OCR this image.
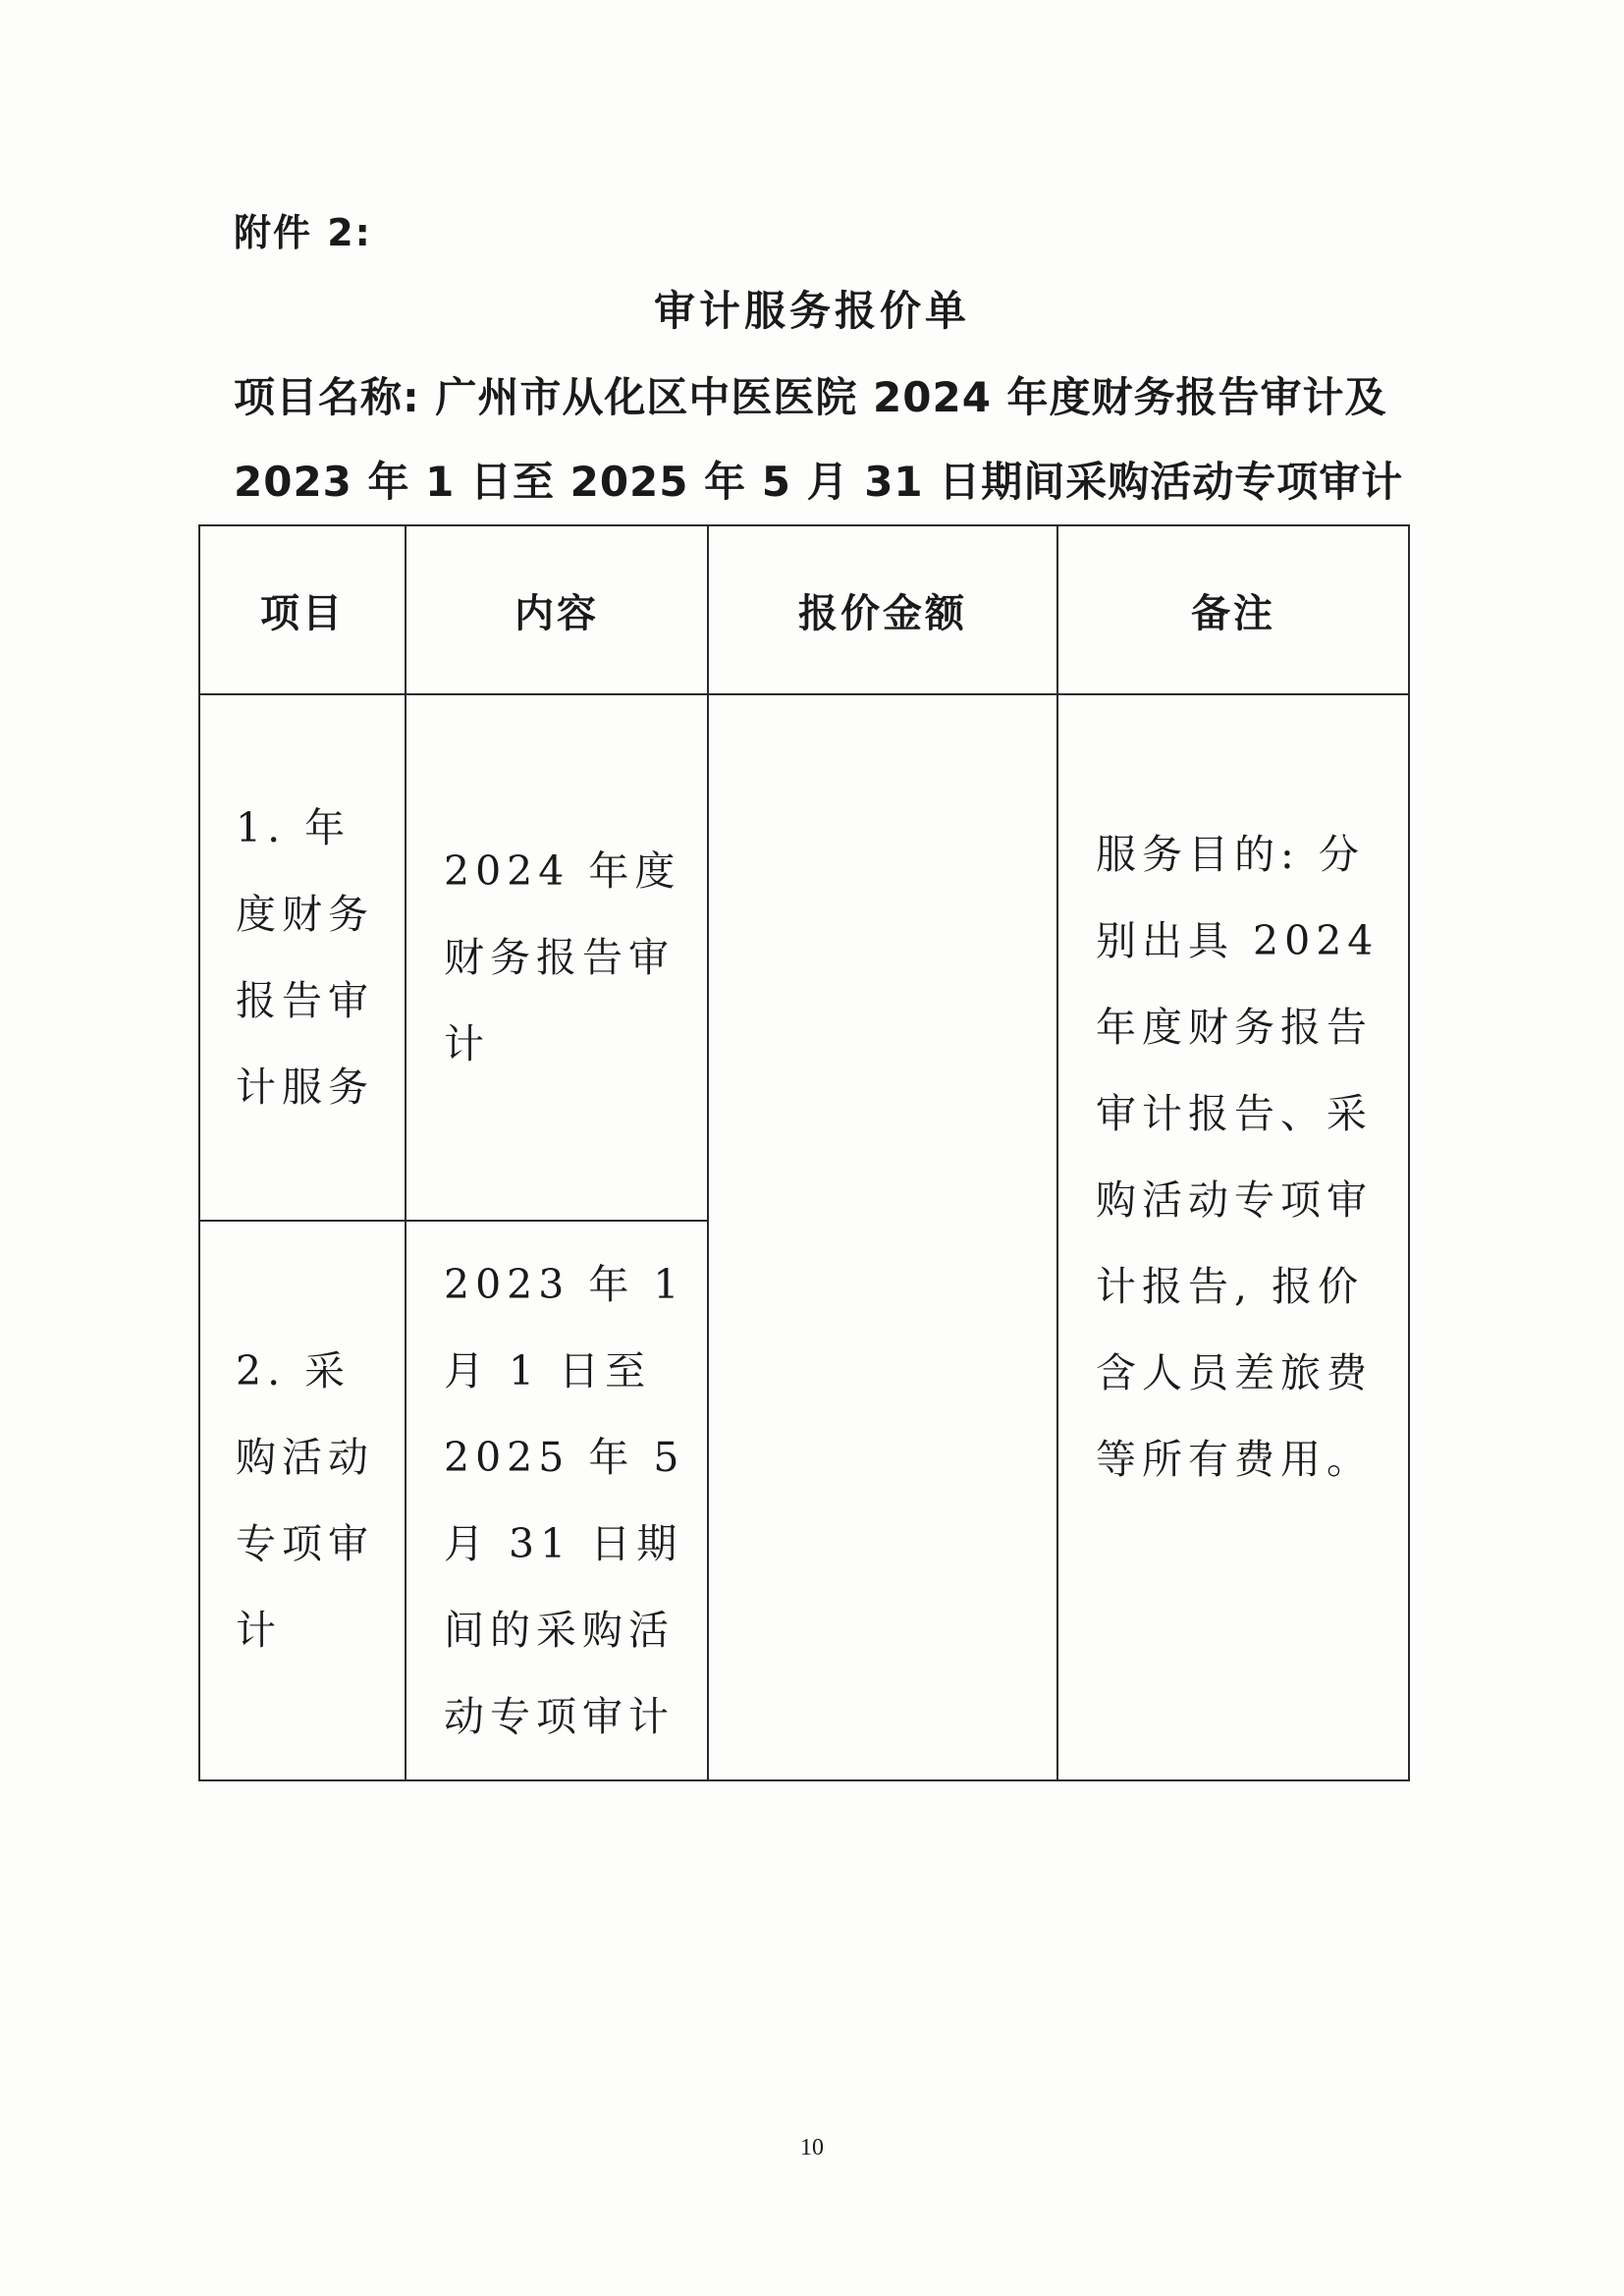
附件 2:
审计服务报价单
项目名称: 广州市从化区中医医院 2024 年度财务报告审计及
2023 年 1 日至 2025 年 5 月 31 日期间采购活动专项审计
项目	内容	报价金额	备注

1. 年度财务报告审计服务	2024 年度财务报告审计		服务目的: 分别出具 2024 年度财务报告审计报告、采购活动专项审计报告, 报价含人员差旅费等所有费用。

2. 采购活动专项审计	2023 年 1 月 1 日至 2025 年 5 月 31 日期间的采购活动专项审计		
10
